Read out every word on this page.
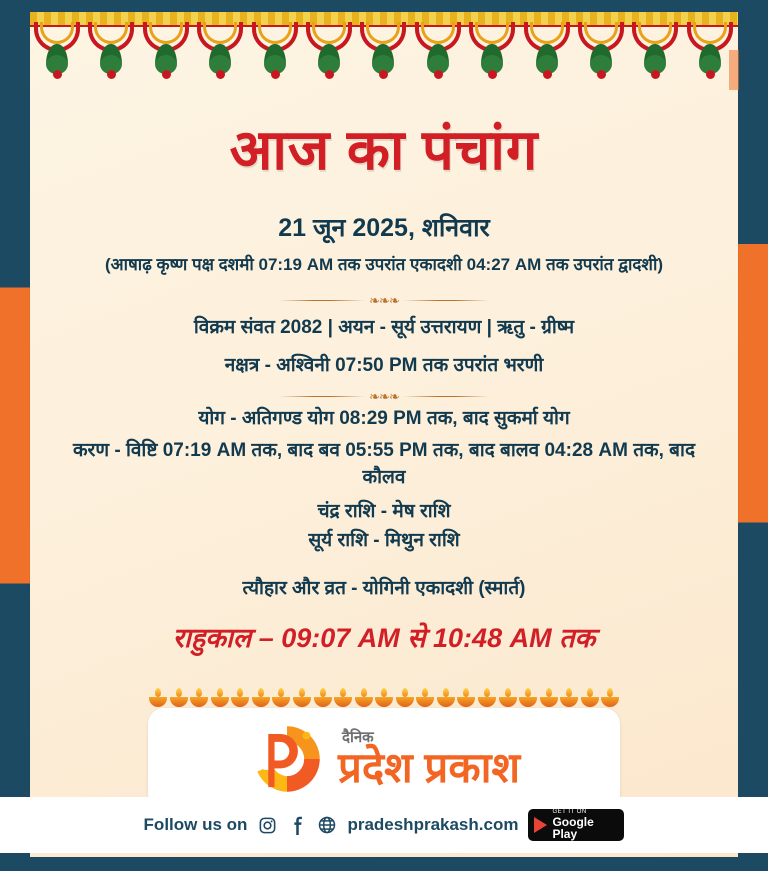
आज का पंचांग
21 जून 2025, शनिवार
(आषाढ़ कृष्ण पक्ष दशमी 07:19 AM तक उपरांत एकादशी 04:27 AM तक उपरांत द्वादशी)
❧❧❧
विक्रम संवत 2082 | अयन - सूर्य उत्तरायण | ऋतु - ग्रीष्म
नक्षत्र - अश्विनी 07:50 PM तक उपरांत भरणी
योग - अतिगण्ड योग 08:29 PM तक, बाद सुकर्मा योग
करण - विष्टि 07:19 AM तक, बाद बव 05:55 PM तक, बाद बालव 04:28 AM तक, बाद कौलव
चंद्र राशि - मेष राशि
सूर्य राशि - मिथुन राशि
त्यौहार और व्रत - योगिनी एकादशी (स्मार्त)
राहुकाल – 09:07 AM से 10:48 AM तक
❧❧❧
दैनिक
प्रदेश प्रकाश
Follow us on	pradeshprakash.com
GET IT ON
Google Play
